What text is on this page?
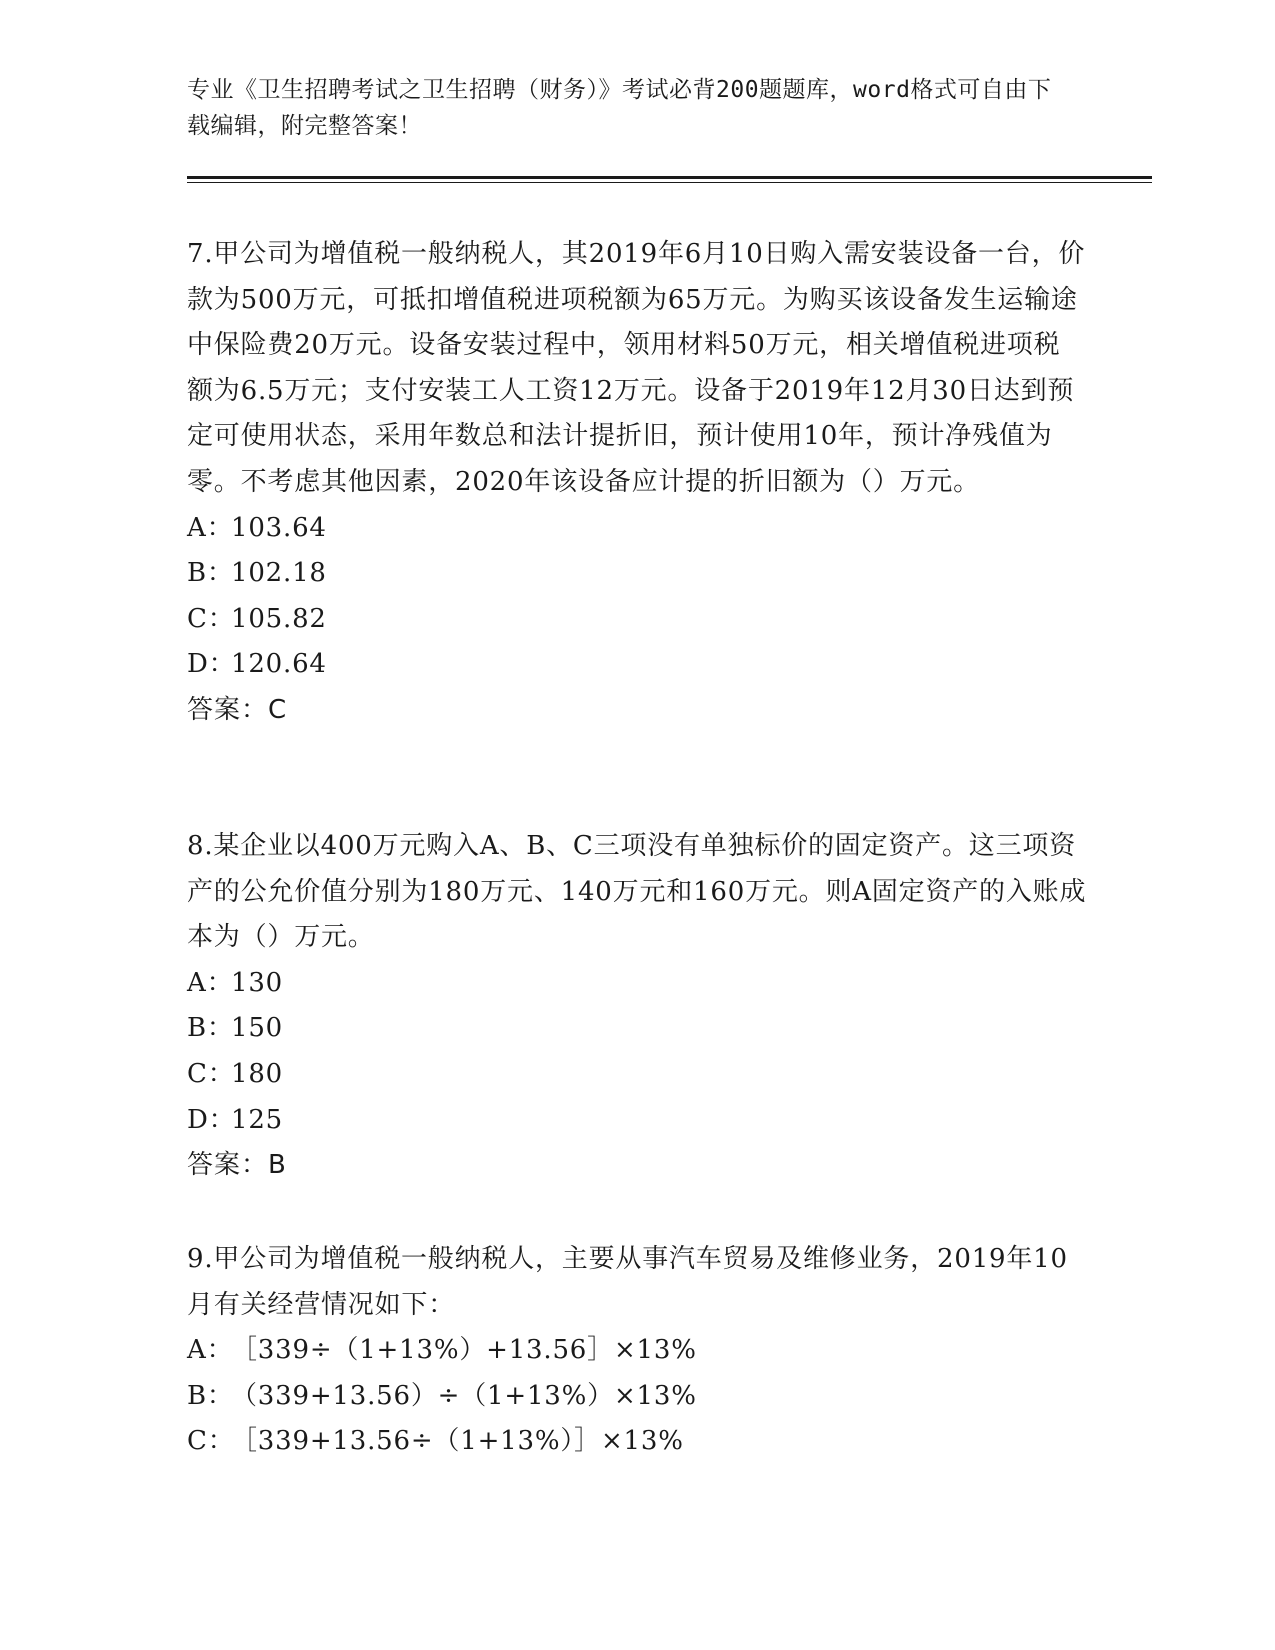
专业《卫生招聘考试之卫生招聘（财务）》考试必背200题题库，word格式可自由下载编辑，附完整答案！
7.甲公司为增值税一般纳税人，其2019年6月10日购入需安装设备一台，价款为500万元，可抵扣增值税进项税额为65万元。为购买该设备发生运输途中保险费20万元。设备安装过程中，领用材料50万元，相关增值税进项税额为6.5万元；支付安装工人工资12万元。设备于2019年12月30日达到预定可使用状态，采用年数总和法计提折旧，预计使用10年，预计净残值为零。不考虑其他因素，2020年该设备应计提的折旧额为（）万元。
A：103.64
B：102.18
C：105.82
D：120.64
答案：C
8.某企业以400万元购入A、B、C三项没有单独标价的固定资产。这三项资产的公允价值分别为180万元、140万元和160万元。则A固定资产的入账成本为（）万元。
A：130
B：150
C：180
D：125
答案：B
9.甲公司为增值税一般纳税人，主要从事汽车贸易及维修业务，2019年10月有关经营情况如下：
A：［339÷（1+13%）+13.56］×13%
B：（339+13.56）÷（1+13%）×13%
C：［339+13.56÷（1+13%）］×13%
